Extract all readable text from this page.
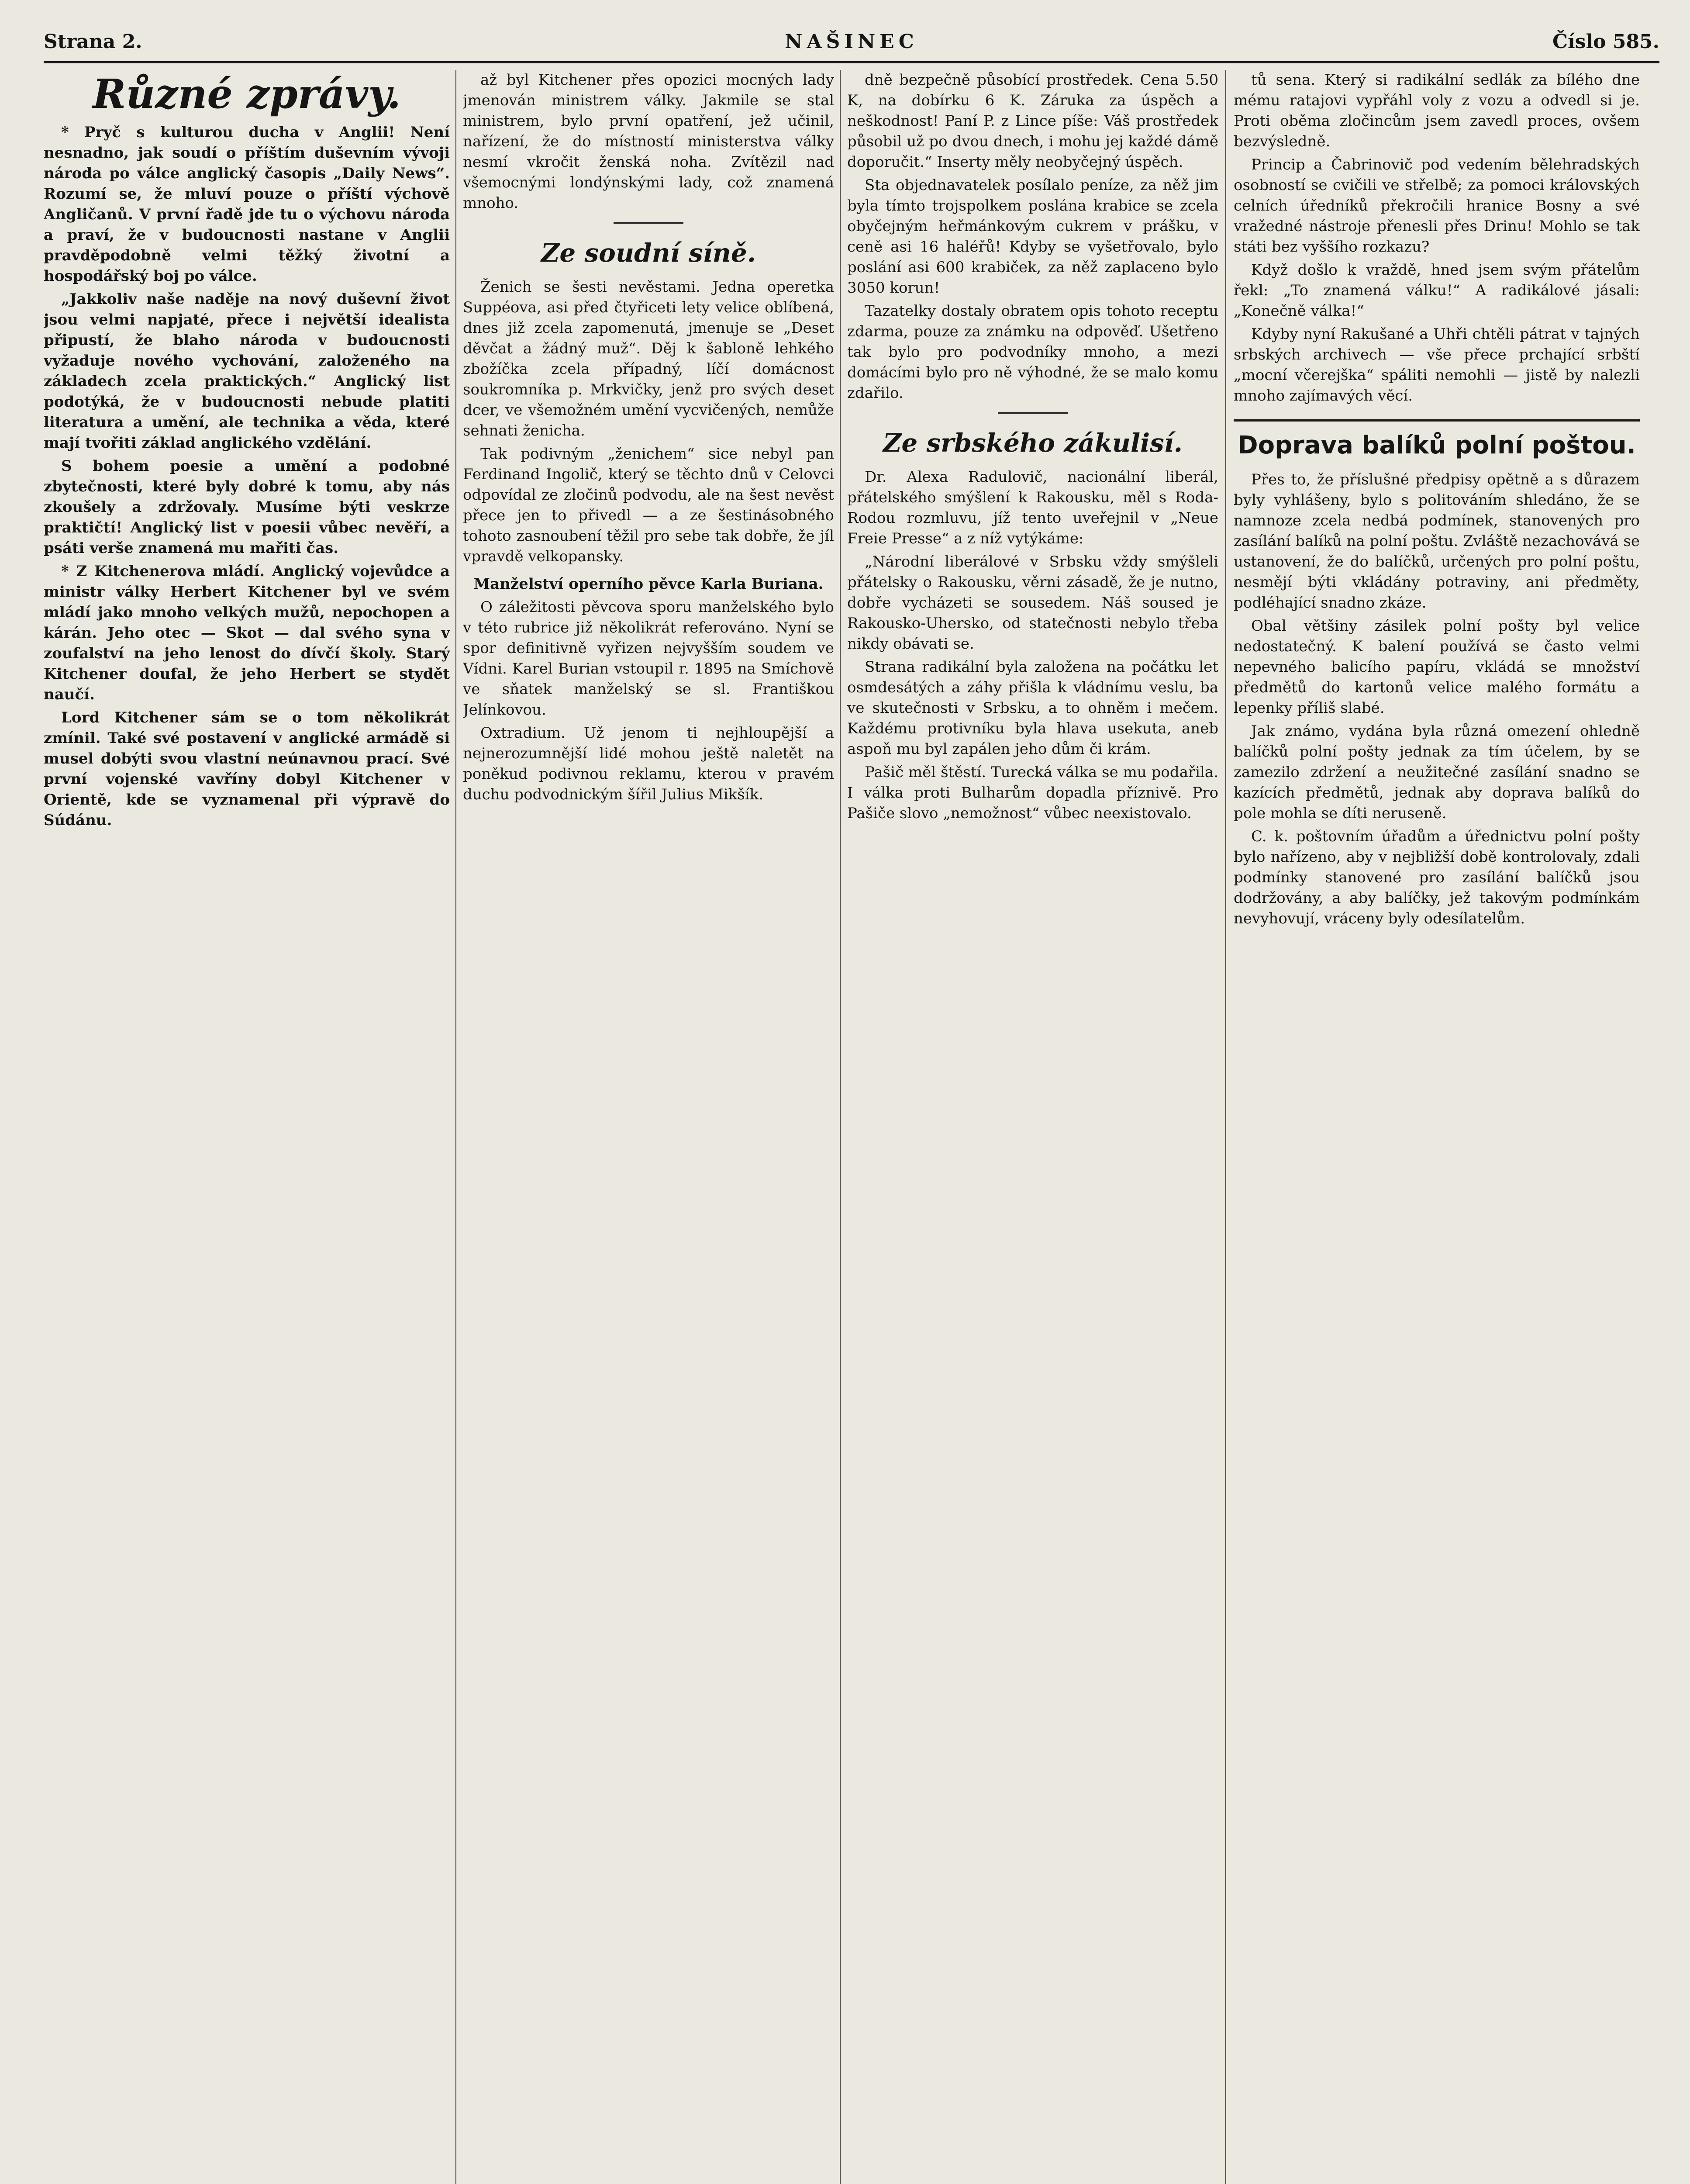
Strana 2.	NAŠINEC	Číslo 585.
Různé zprávy.

* Pryč s kulturou ducha v Anglii! Není nesnadno, jak soudí o příštím duševním vývoji národa po válce anglický časopis „Daily News“. Rozumí se, že mluví pouze o příští výchově Angličanů. V první řadě jde tu o výchovu národa a praví, že v budoucnosti nastane v Anglii pravděpodobně velmi těžký životní a hospodářský boj po válce.

„Jakkoliv naše naděje na nový duševní život jsou velmi napjaté, přece i největší idealista připustí, že blaho národa v budoucnosti vyžaduje nového vychování, založeného na základech zcela praktických.“ Anglický list podotýká, že v budoucnosti nebude platiti literatura a umění, ale technika a věda, které mají tvořiti základ anglického vzdělání.

S bohem poesie a umění a podobné zbytečnosti, které byly dobré k tomu, aby nás zkoušely a zdržovaly. Musíme býti veskrze praktičtí! Anglický list v poesii vůbec nevěří, a psáti verše znamená mu mařiti čas.

* Z Kitchenerova mládí. Anglický vojevůdce a ministr války Herbert Kitchener byl ve svém mládí jako mnoho velkých mužů, nepochopen a kárán. Jeho otec — Skot — dal svého syna v zoufalství na jeho lenost do dívčí školy. Starý Kitchener doufal, že jeho Herbert se stydět naučí.

Lord Kitchener sám se o tom několikrát zmínil. Také své postavení v anglické armádě si musel dobýti svou vlastní neúnavnou prací. Své první vojenské vavříny dobyl Kitchener v Orientě, kde se vyznamenal při výpravě do Súdánu.

až byl Kitchener přes opozici mocných lady jmenován ministrem války. Jakmile se stal ministrem, bylo první opatření, jež učinil, nařízení, že do místností ministerstva války nesmí vkročit ženská noha. Zvítězil nad všemocnými londýnskými lady, což znamená mnoho.

Ze soudní síně.

Ženich se šesti nevěstami. Jedna operetka Suppéova, asi před čtyřiceti lety velice oblíbená, dnes již zcela zapomenutá, jmenuje se „Deset děvčat a žádný muž“. Děj k šabloně lehkého zbožíčka zcela případný, líčí domácnost soukromníka p. Mrkvičky, jenž pro svých deset dcer, ve všemožném umění vycvičených, nemůže sehnati ženicha.

Tak podivným „ženichem“ sice nebyl pan Ferdinand Ingolič, který se těchto dnů v Celovci odpovídal ze zločinů podvodu, ale na šest nevěst přece jen to přivedl — a ze šestinásobného tohoto zasnoubení těžil pro sebe tak dobře, že jíl vpravdě velkopansky.

Manželství operního pěvce Karla Buriana.

O záležitosti pěvcova sporu manželského bylo v této rubrice již několikrát referováno. Nyní se spor definitivně vyřizen nejvyšším soudem ve Vídni. Karel Burian vstoupil r. 1895 na Smíchově ve sňatek manželský se sl. Františkou Jelínkovou.

Oxtradium. Už jenom ti nejhloupější a nejnerozumnější lidé mohou ještě naletět na poněkud podivnou reklamu, kterou v pravém duchu podvodnickým šířil Julius Mikšík.

dně bezpečně působící prostředek. Cena 5.50 K, na dobírku 6 K. Záruka za úspěch a neškodnost! Paní P. z Lince píše: Váš prostředek působil už po dvou dnech, i mohu jej každé dámě doporučit.“ Inserty měly neobyčejný úspěch.

Sta objednavatelek posílalo peníze, za něž jim byla tímto trojspolkem poslána krabice se zcela obyčejným heřmánkovým cukrem v prášku, v ceně asi 16 haléřů! Kdyby se vyšetřovalo, bylo poslání asi 600 krabiček, za něž zaplaceno bylo 3050 korun!

Tazatelky dostaly obratem opis tohoto receptu zdarma, pouze za známku na odpověď. Ušetřeno tak bylo pro podvodníky mnoho, a mezi domácími bylo pro ně výhodné, že se malo komu zdařilo.

Ze srbského zákulisí.

Dr. Alexa Radulovič, nacionální liberál, přátelského smýšlení k Rakousku, měl s Roda-Rodou rozmluvu, jíž tento uveřejnil v „Neue Freie Presse“ a z níž vytýkáme:

„Národní liberálové v Srbsku vždy smýšleli přátelsky o Rakousku, věrni zásadě, že je nutno, dobře vycházeti se sousedem. Náš soused je Rakousko-Uhersko, od statečnosti nebylo třeba nikdy obávati se.

Strana radikální byla založena na počátku let osmdesátých a záhy přišla k vládnímu veslu, ba ve skutečnosti v Srbsku, a to ohněm i mečem. Každému protivníku byla hlava usekuta, aneb aspoň mu byl zapálen jeho dům či krám.

Pašič měl štěstí. Turecká válka se mu podařila. I válka proti Bulharům dopadla příznivě. Pro Pašiče slovo „nemožnost“ vůbec neexistovalo.

tů sena. Který si radikální sedlák za bílého dne mému ratajovi vypřáhl voly z vozu a odvedl si je. Proti oběma zločincům jsem zavedl proces, ovšem bezvýsledně.

Princip a Čabrinovič pod vedením bělehradských osobností se cvičili ve střelbě; za pomoci královských celních úředníků překročili hranice Bosny a své vražedné nástroje přenesli přes Drinu! Mohlo se tak státi bez vyššího rozkazu?

Když došlo k vraždě, hned jsem svým přátelům řekl: „To znamená válku!“ A radikálové jásali: „Konečně válka!“

Kdyby nyní Rakušané a Uhři chtěli pátrat v tajných srbských archivech — vše přece prchající srbští „mocní včerejška“ spáliti nemohli — jistě by nalezli mnoho zajímavých věcí.

Doprava balíků polní poštou.

Přes to, že příslušné předpisy opětně a s důrazem byly vyhlášeny, bylo s politováním shledáno, že se namnoze zcela nedbá podmínek, stanovených pro zasílání balíků na polní poštu. Zvláště nezachovává se ustanovení, že do balíčků, určených pro polní poštu, nesmějí býti vkládány potraviny, ani předměty, podléhající snadno zkáze.

Obal většiny zásilek polní pošty byl velice nedostatečný. K balení používá se často velmi nepevného balicího papíru, vkládá se množství předmětů do kartonů velice malého formátu a lepenky příliš slabé.

Jak známo, vydána byla různá omezení ohledně balíčků polní pošty jednak za tím účelem, by se zamezilo zdržení a neužitečné zasílání snadno se kazících předmětů, jednak aby doprava balíků do pole mohla se díti neruseně.

C. k. poštovním úřadům a úřednictvu polní pošty bylo nařízeno, aby v nejbližší době kontrolovaly, zdali podmínky stanovené pro zasílání balíčků jsou dodržovány, a aby balíčky, jež takovým podmínkám nevyhovují, vráceny byly odesílatelům.
